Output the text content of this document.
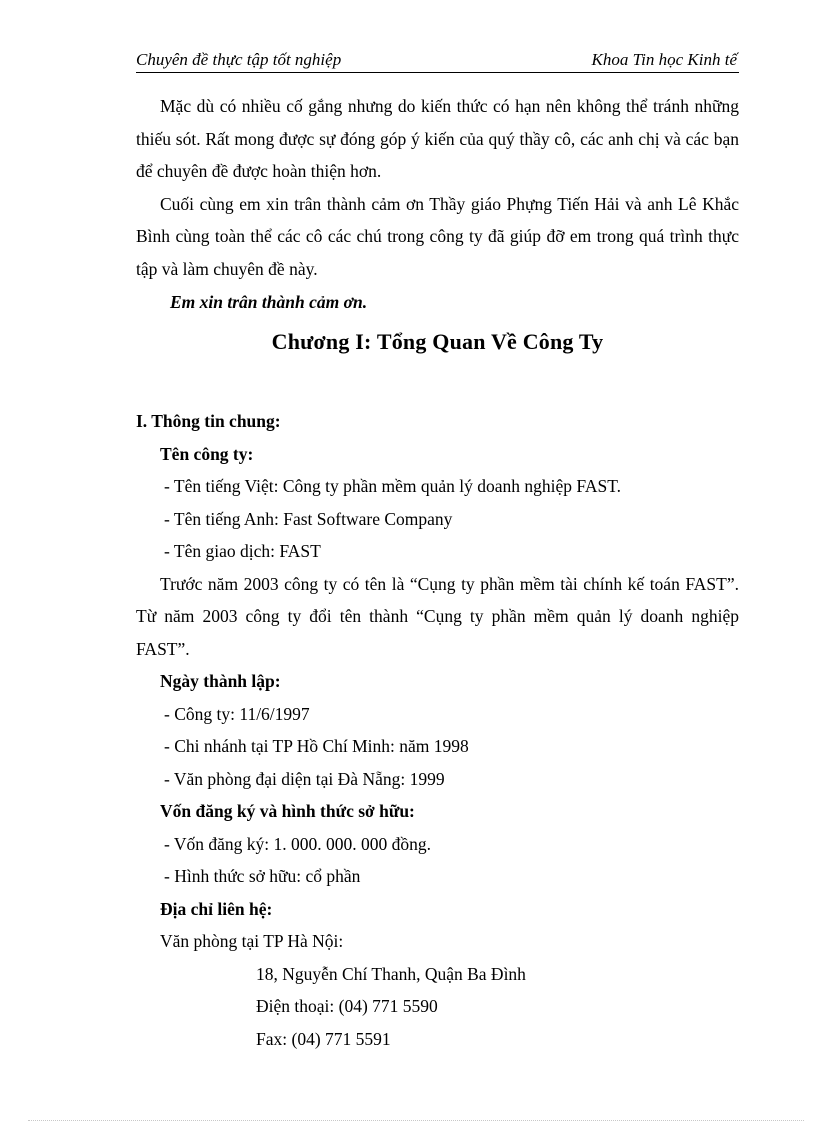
Chuyên đề thực tập tốt nghiệp	Khoa Tin học Kinh tế

Mặc dù có nhiều cố gắng nhưng do kiến thức có hạn nên không thể tránh những thiếu sót. Rất mong được sự đóng góp ý kiến của quý thầy cô, các anh chị và các bạn để chuyên đề được hoàn thiện hơn.

Cuối cùng em xin trân thành cảm ơn Thầy giáo Phựng Tiến Hải và anh Lê Khắc Bình cùng toàn thể các cô các chú trong công ty đã giúp đỡ em trong quá trình thực tập và làm chuyên đề này.

Em xin trân thành cảm ơn.
Chương I: Tổng Quan Về Công Ty
I. Thông tin chung:
Tên công ty:
- Tên tiếng Việt: Công ty phần mềm quản lý doanh nghiệp FAST.
- Tên tiếng Anh: Fast Software Company
- Tên giao dịch: FAST

Trước năm 2003 công ty có tên là “Cụng ty phần mềm tài chính kế toán FAST”. Từ năm 2003 công ty đổi tên thành “Cụng ty phần mềm quản lý doanh nghiệp FAST”.

Ngày thành lập:
- Công ty: 11/6/1997
- Chi nhánh tại TP Hồ Chí Minh: năm 1998
- Văn phòng đại diện tại Đà Nẵng: 1999
Vốn đăng ký và hình thức sở hữu:
- Vốn đăng ký: 1. 000. 000. 000 đồng.
- Hình thức sở hữu: cổ phần
Địa chỉ liên hệ:
Văn phòng tại TP Hà Nội:
18, Nguyễn Chí Thanh, Quận Ba Đình
Điện thoại: (04) 771 5590
Fax: (04) 771 5591
